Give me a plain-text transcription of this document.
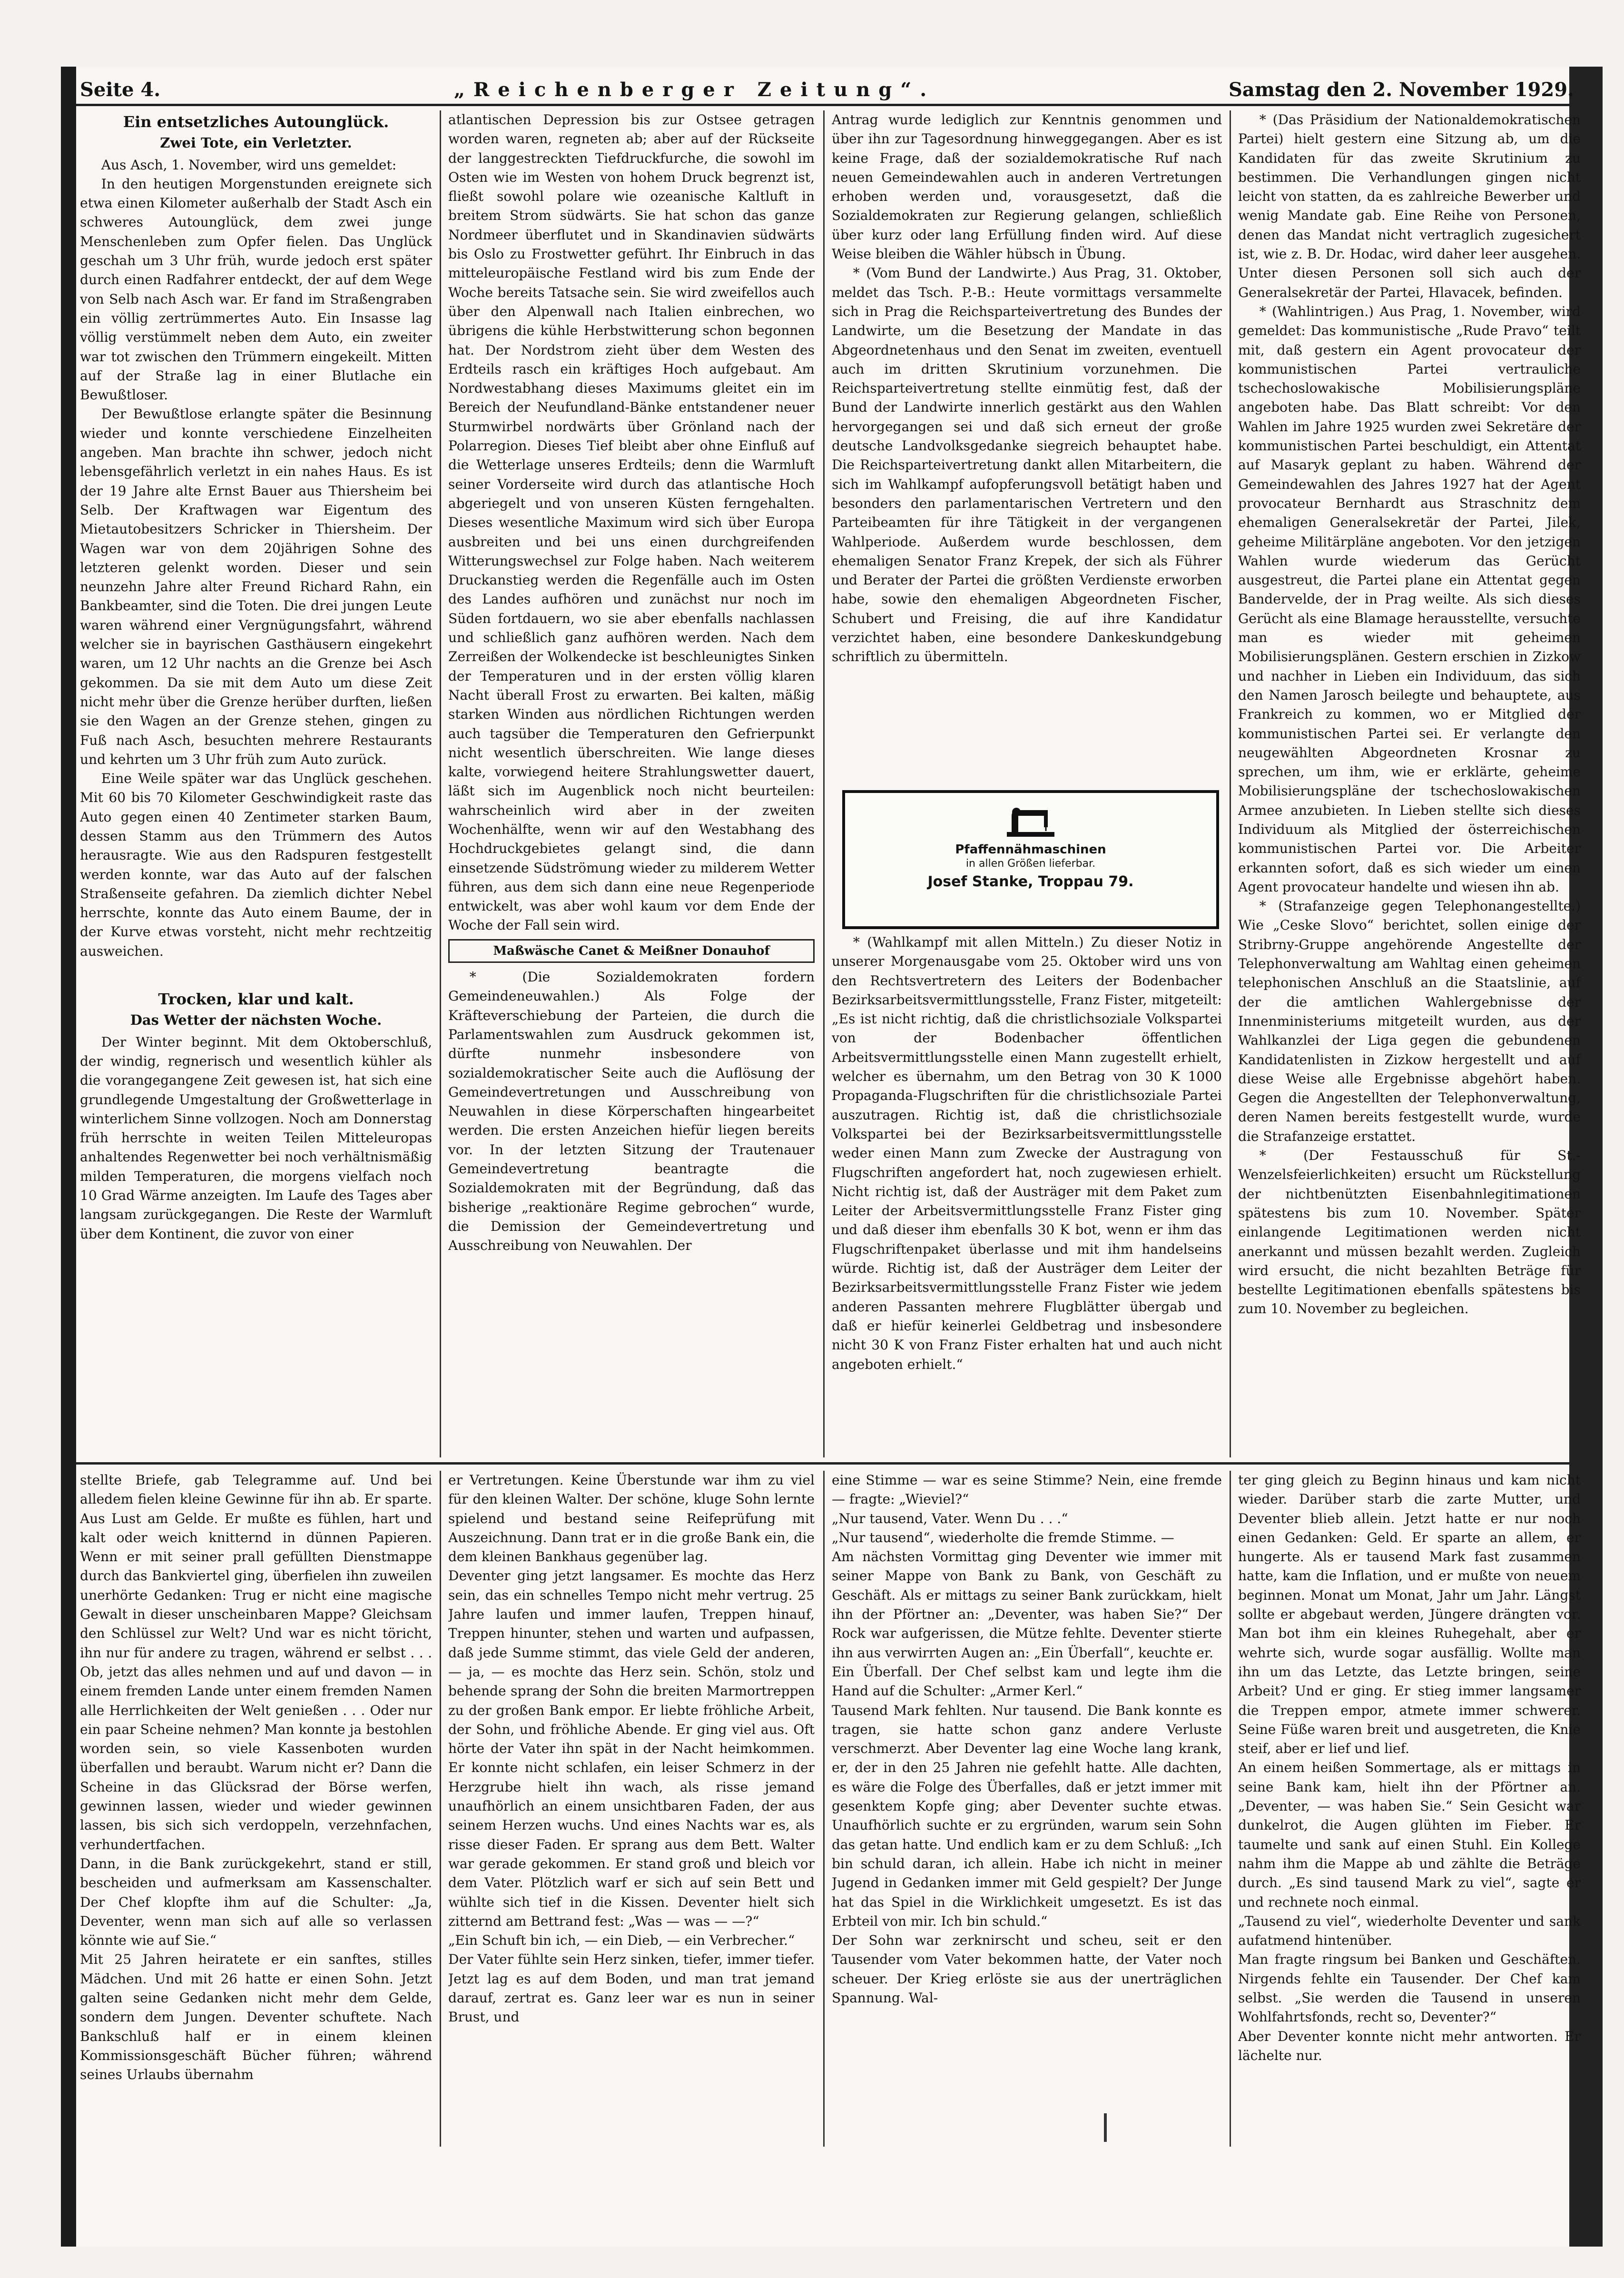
Seite 4.	„Reichenberger Zeitung“.	Samstag den 2. November 1929.
Ein entsetzliches Autounglück.
Zwei Tote, ein Verletzter.

Aus Asch, 1. November, wird uns gemeldet:

In den heutigen Morgenstunden ereignete sich etwa einen Kilometer außerhalb der Stadt Asch ein schweres Autounglück, dem zwei junge Menschenleben zum Opfer fielen. Das Unglück geschah um 3 Uhr früh, wurde jedoch erst später durch einen Radfahrer entdeckt, der auf dem Wege von Selb nach Asch war. Er fand im Straßengraben ein völlig zertrümmertes Auto. Ein Insasse lag völlig verstümmelt neben dem Auto, ein zweiter war tot zwischen den Trümmern eingekeilt. Mitten auf der Straße lag in einer Blutlache ein Bewußtloser.

Der Bewußtlose erlangte später die Besinnung wieder und konnte verschiedene Einzelheiten angeben. Man brachte ihn schwer, jedoch nicht lebensgefährlich verletzt in ein nahes Haus. Es ist der 19 Jahre alte Ernst Bauer aus Thiersheim bei Selb. Der Kraftwagen war Eigentum des Mietautobesitzers Schricker in Thiersheim. Der Wagen war von dem 20jährigen Sohne des letzteren gelenkt worden. Dieser und sein neunzehn Jahre alter Freund Richard Rahn, ein Bankbeamter, sind die Toten. Die drei jungen Leute waren während einer Vergnügungsfahrt, während welcher sie in bayrischen Gasthäusern eingekehrt waren, um 12 Uhr nachts an die Grenze bei Asch gekommen. Da sie mit dem Auto um diese Zeit nicht mehr über die Grenze herüber durften, ließen sie den Wagen an der Grenze stehen, gingen zu Fuß nach Asch, besuchten mehrere Restaurants und kehrten um 3 Uhr früh zum Auto zurück.

Eine Weile später war das Unglück geschehen. Mit 60 bis 70 Kilometer Geschwindigkeit raste das Auto gegen einen 40 Zentimeter starken Baum, dessen Stamm aus den Trümmern des Autos herausragte. Wie aus den Radspuren festgestellt werden konnte, war das Auto auf der falschen Straßenseite gefahren. Da ziemlich dichter Nebel herrschte, konnte das Auto einem Baume, der in der Kurve etwas vorsteht, nicht mehr rechtzeitig ausweichen.

Trocken, klar und kalt.
Das Wetter der nächsten Woche.

Der Winter beginnt. Mit dem Oktoberschluß, der windig, regnerisch und wesentlich kühler als die vorangegangene Zeit gewesen ist, hat sich eine grundlegende Umgestaltung der Großwetterlage in winterlichem Sinne vollzogen. Noch am Donnerstag früh herrschte in weiten Teilen Mitteleuropas anhaltendes Regenwetter bei noch verhältnismäßig milden Temperaturen, die morgens vielfach noch 10 Grad Wärme anzeigten. Im Laufe des Tages aber langsam zurückgegangen. Die Reste der Warmluft über dem Kontinent, die zuvor von einer

atlantischen Depression bis zur Ostsee getragen worden waren, regneten ab; aber auf der Rückseite der langgestreckten Tiefdruckfurche, die sowohl im Osten wie im Westen von hohem Druck begrenzt ist, fließt sowohl polare wie ozeanische Kaltluft in breitem Strom südwärts. Sie hat schon das ganze Nordmeer überflutet und in Skandinavien südwärts bis Oslo zu Frostwetter geführt. Ihr Einbruch in das mitteleuropäische Festland wird bis zum Ende der Woche bereits Tatsache sein. Sie wird zweifellos auch über den Alpenwall nach Italien einbrechen, wo übrigens die kühle Herbstwitterung schon begonnen hat. Der Nordstrom zieht über dem Westen des Erdteils rasch ein kräftiges Hoch aufgebaut. Am Nordwestabhang dieses Maximums gleitet ein im Bereich der Neufundland-Bänke entstandener neuer Sturmwirbel nordwärts über Grönland nach der Polarregion. Dieses Tief bleibt aber ohne Einfluß auf die Wetterlage unseres Erdteils; denn die Warmluft seiner Vorderseite wird durch das atlantische Hoch abgeriegelt und von unseren Küsten ferngehalten. Dieses wesentliche Maximum wird sich über Europa ausbreiten und bei uns einen durchgreifenden Witterungswechsel zur Folge haben. Nach weiterem Druckanstieg werden die Regenfälle auch im Osten des Landes aufhören und zunächst nur noch im Süden fortdauern, wo sie aber ebenfalls nachlassen und schließlich ganz aufhören werden. Nach dem Zerreißen der Wolkendecke ist beschleunigtes Sinken der Temperaturen und in der ersten völlig klaren Nacht überall Frost zu erwarten. Bei kalten, mäßig starken Winden aus nördlichen Richtungen werden auch tagsüber die Temperaturen den Gefrierpunkt nicht wesentlich überschreiten. Wie lange dieses kalte, vorwiegend heitere Strahlungswetter dauert, läßt sich im Augenblick noch nicht beurteilen: wahrscheinlich wird aber in der zweiten Wochenhälfte, wenn wir auf den Westabhang des Hochdruckgebietes gelangt sind, die dann einsetzende Südströmung wieder zu milderem Wetter führen, aus dem sich dann eine neue Regenperiode entwickelt, was aber wohl kaum vor dem Ende der Woche der Fall sein wird.

Maßwäsche Canet & Meißner Donauhof

* (Die Sozialdemokraten fordern Gemeindeneuwahlen.) Als Folge der Kräfteverschiebung der Parteien, die durch die Parlamentswahlen zum Ausdruck gekommen ist, dürfte nunmehr insbesondere von sozialdemokratischer Seite auch die Auflösung der Gemeindevertretungen und Ausschreibung von Neuwahlen in diese Körperschaften hingearbeitet werden. Die ersten Anzeichen hiefür liegen bereits vor. In der letzten Sitzung der Trautenauer Gemeindevertretung beantragte die Sozialdemokraten mit der Begründung, daß das bisherige „reaktionäre Regime gebrochen“ wurde, die Demission der Gemeindevertretung und Ausschreibung von Neuwahlen. Der

Antrag wurde lediglich zur Kenntnis genommen und über ihn zur Tagesordnung hinweggegangen. Aber es ist keine Frage, daß der sozialdemokratische Ruf nach neuen Gemeindewahlen auch in anderen Vertretungen erhoben werden und, vorausgesetzt, daß die Sozialdemokraten zur Regierung gelangen, schließlich über kurz oder lang Erfüllung finden wird. Auf diese Weise bleiben die Wähler hübsch in Übung.

* (Vom Bund der Landwirte.) Aus Prag, 31. Oktober, meldet das Tsch. P.-B.: Heute vormittags versammelte sich in Prag die Reichsparteivertretung des Bundes der Landwirte, um die Besetzung der Mandate in das Abgeordnetenhaus und den Senat im zweiten, eventuell auch im dritten Skrutinium vorzunehmen. Die Reichsparteivertretung stellte einmütig fest, daß der Bund der Landwirte innerlich gestärkt aus den Wahlen hervorgegangen sei und daß sich erneut der große deutsche Landvolksgedanke siegreich behauptet habe. Die Reichsparteivertretung dankt allen Mitarbeitern, die sich im Wahlkampf aufopferungsvoll betätigt haben und besonders den parlamentarischen Vertretern und den Parteibeamten für ihre Tätigkeit in der vergangenen Wahlperiode. Außerdem wurde beschlossen, dem ehemaligen Senator Franz Krepek, der sich als Führer und Berater der Partei die größten Verdienste erworben habe, sowie den ehemaligen Abgeordneten Fischer, Schubert und Freising, die auf ihre Kandidatur verzichtet haben, eine besondere Dankeskundgebung schriftlich zu übermitteln.

Pfaffennähmaschinen
in allen Größen lieferbar.
Josef Stanke, Troppau 79.

* (Wahlkampf mit allen Mitteln.) Zu dieser Notiz in unserer Morgenausgabe vom 25. Oktober wird uns von den Rechtsvertretern des Leiters der Bodenbacher Bezirksarbeitsvermittlungsstelle, Franz Fister, mitgeteilt: „Es ist nicht richtig, daß die christlichsoziale Volkspartei von der Bodenbacher öffentlichen Arbeitsvermittlungsstelle einen Mann zugestellt erhielt, welcher es übernahm, um den Betrag von 30 K 1000 Propaganda-Flugschriften für die christlichsoziale Partei auszutragen. Richtig ist, daß die christlichsoziale Volkspartei bei der Bezirksarbeitsvermittlungsstelle weder einen Mann zum Zwecke der Austragung von Flugschriften angefordert hat, noch zugewiesen erhielt. Nicht richtig ist, daß der Austräger mit dem Paket zum Leiter der Arbeitsvermittlungsstelle Franz Fister ging und daß dieser ihm ebenfalls 30 K bot, wenn er ihm das Flugschriftenpaket überlasse und mit ihm handelseins würde. Richtig ist, daß der Austräger dem Leiter der Bezirksarbeitsvermittlungsstelle Franz Fister wie jedem anderen Passanten mehrere Flugblätter übergab und daß er hiefür keinerlei Geldbetrag und insbesondere nicht 30 K von Franz Fister erhalten hat und auch nicht angeboten erhielt.“

* (Das Präsidium der Nationaldemokratischen Partei) hielt gestern eine Sitzung ab, um die Kandidaten für das zweite Skrutinium zu bestimmen. Die Verhandlungen gingen nicht leicht von statten, da es zahlreiche Bewerber und wenig Mandate gab. Eine Reihe von Personen, denen das Mandat nicht vertraglich zugesichert ist, wie z. B. Dr. Hodac, wird daher leer ausgehen. Unter diesen Personen soll sich auch der Generalsekretär der Partei, Hlavacek, befinden.

* (Wahlintrigen.) Aus Prag, 1. November, wird gemeldet: Das kommunistische „Rude Pravo“ teilt mit, daß gestern ein Agent provocateur der kommunistischen Partei vertrauliche tschechoslowakische Mobilisierungspläne angeboten habe. Das Blatt schreibt: Vor den Wahlen im Jahre 1925 wurden zwei Sekretäre der kommunistischen Partei beschuldigt, ein Attentat auf Masaryk geplant zu haben. Während der Gemeindewahlen des Jahres 1927 hat der Agent provocateur Bernhardt aus Straschnitz dem ehemaligen Generalsekretär der Partei, Jilek, geheime Militärpläne angeboten. Vor den jetzigen Wahlen wurde wiederum das Gerücht ausgestreut, die Partei plane ein Attentat gegen Bandervelde, der in Prag weilte. Als sich dieses Gerücht als eine Blamage herausstellte, versuchte man es wieder mit geheimen Mobilisierungsplänen. Gestern erschien in Zizkow und nachher in Lieben ein Individuum, das sich den Namen Jarosch beilegte und behauptete, aus Frankreich zu kommen, wo er Mitglied der kommunistischen Partei sei. Er verlangte den neugewählten Abgeordneten Krosnar zu sprechen, um ihm, wie er erklärte, geheime Mobilisierungspläne der tschechoslowakischen Armee anzubieten. In Lieben stellte sich dieses Individuum als Mitglied der österreichischen kommunistischen Partei vor. Die Arbeiter erkannten sofort, daß es sich wieder um einen Agent provocateur handelte und wiesen ihn ab.

* (Strafanzeige gegen Telephonangestellte.) Wie „Ceske Slovo“ berichtet, sollen einige der Stribrny-Gruppe angehörende Angestellte der Telephonverwaltung am Wahltag einen geheimen telephonischen Anschluß an die Staatslinie, auf der die amtlichen Wahlergebnisse der Innenministeriums mitgeteilt wurden, aus der Wahlkanzlei der Liga gegen die gebundenen Kandidatenlisten in Zizkow hergestellt und auf diese Weise alle Ergebnisse abgehört haben. Gegen die Angestellten der Telephonverwaltung, deren Namen bereits festgestellt wurde, wurde die Strafanzeige erstattet.

* (Der Festausschuß für St.-Wenzelsfeierlichkeiten) ersucht um Rückstellung der nichtbenützten Eisenbahnlegitimationen spätestens bis zum 10. November. Später einlangende Legitimationen werden nicht anerkannt und müssen bezahlt werden. Zugleich wird ersucht, die nicht bezahlten Beträge für bestellte Legitimationen ebenfalls spätestens bis zum 10. November zu begleichen.

stellte Briefe, gab Telegramme auf. Und bei alledem fielen kleine Gewinne für ihn ab. Er sparte. Aus Lust am Gelde. Er mußte es fühlen, hart und kalt oder weich knitternd in dünnen Papieren. Wenn er mit seiner prall gefüllten Dienstmappe durch das Bankviertel ging, überfielen ihn zuweilen unerhörte Gedanken: Trug er nicht eine magische Gewalt in dieser unscheinbaren Mappe? Gleichsam den Schlüssel zur Welt? Und war es nicht töricht, ihn nur für andere zu tragen, während er selbst . . . Ob, jetzt das alles nehmen und auf und davon — in einem fremden Lande unter einem fremden Namen alle Herrlichkeiten der Welt genießen . . . Oder nur ein paar Scheine nehmen? Man konnte ja bestohlen worden sein, so viele Kassenboten wurden überfallen und beraubt. Warum nicht er? Dann die Scheine in das Glücksrad der Börse werfen, gewinnen lassen, wieder und wieder gewinnen lassen, bis sich sich verdoppeln, verzehnfachen, verhundertfachen.
Dann, in die Bank zurückgekehrt, stand er still, bescheiden und aufmerksam am Kassenschalter. Der Chef klopfte ihm auf die Schulter: „Ja, Deventer, wenn man sich auf alle so verlassen könnte wie auf Sie.“
Mit 25 Jahren heiratete er ein sanftes, stilles Mädchen. Und mit 26 hatte er einen Sohn. Jetzt galten seine Gedanken nicht mehr dem Gelde, sondern dem Jungen. Deventer schuftete. Nach Bankschluß half er in einem kleinen Kommissionsgeschäft Bücher führen; während seines Urlaubs übernahm
er Vertretungen. Keine Überstunde war ihm zu viel für den kleinen Walter. Der schöne, kluge Sohn lernte spielend und bestand seine Reifeprüfung mit Auszeichnung. Dann trat er in die große Bank ein, die dem kleinen Bankhaus gegenüber lag.
Deventer ging jetzt langsamer. Es mochte das Herz sein, das ein schnelles Tempo nicht mehr vertrug. 25 Jahre laufen und immer laufen, Treppen hinauf, Treppen hinunter, stehen und warten und aufpassen, daß jede Summe stimmt, das viele Geld der anderen, — ja, — es mochte das Herz sein. Schön, stolz und behende sprang der Sohn die breiten Marmortreppen zu der großen Bank empor. Er liebte fröhliche Arbeit, der Sohn, und fröhliche Abende. Er ging viel aus. Oft hörte der Vater ihn spät in der Nacht heimkommen. Er konnte nicht schlafen, ein leiser Schmerz in der Herzgrube hielt ihn wach, als risse jemand unaufhörlich an einem unsichtbaren Faden, der aus seinem Herzen wuchs. Und eines Nachts war es, als risse dieser Faden. Er sprang aus dem Bett. Walter war gerade gekommen. Er stand groß und bleich vor dem Vater. Plötzlich warf er sich auf sein Bett und wühlte sich tief in die Kissen. Deventer hielt sich zitternd am Bettrand fest: „Was — was — —?“
„Ein Schuft bin ich, — ein Dieb, — ein Verbrecher.“
Der Vater fühlte sein Herz sinken, tiefer, immer tiefer. Jetzt lag es auf dem Boden, und man trat jemand darauf, zertrat es. Ganz leer war es nun in seiner Brust, und
eine Stimme — war es seine Stimme? Nein, eine fremde — fragte: „Wieviel?“
„Nur tausend, Vater. Wenn Du . . .“
„Nur tausend“, wiederholte die fremde Stimme. —
Am nächsten Vormittag ging Deventer wie immer mit seiner Mappe von Bank zu Bank, von Geschäft zu Geschäft. Als er mittags zu seiner Bank zurückkam, hielt ihn der Pförtner an: „Deventer, was haben Sie?“ Der Rock war aufgerissen, die Mütze fehlte. Deventer stierte ihn aus verwirrten Augen an: „Ein Überfall“, keuchte er.
Ein Überfall. Der Chef selbst kam und legte ihm die Hand auf die Schulter: „Armer Kerl.“
Tausend Mark fehlten. Nur tausend. Die Bank konnte es tragen, sie hatte schon ganz andere Verluste verschmerzt. Aber Deventer lag eine Woche lang krank, er, der in den 25 Jahren nie gefehlt hatte. Alle dachten, es wäre die Folge des Überfalles, daß er jetzt immer mit gesenktem Kopfe ging; aber Deventer suchte etwas. Unaufhörlich suchte er zu ergründen, warum sein Sohn das getan hatte. Und endlich kam er zu dem Schluß: „Ich bin schuld daran, ich allein. Habe ich nicht in meiner Jugend in Gedanken immer mit Geld gespielt? Der Junge hat das Spiel in die Wirklichkeit umgesetzt. Es ist das Erbteil von mir. Ich bin schuld.“
Der Sohn war zerknirscht und scheu, seit er den Tausender vom Vater bekommen hatte, der Vater noch scheuer. Der Krieg erlöste sie aus der unerträglichen Spannung. Wal-
ter ging gleich zu Beginn hinaus und kam nicht wieder. Darüber starb die zarte Mutter, und Deventer blieb allein. Jetzt hatte er nur noch einen Gedanken: Geld. Er sparte an allem, er hungerte. Als er tausend Mark fast zusammen hatte, kam die Inflation, und er mußte von neuem beginnen. Monat um Monat, Jahr um Jahr. Längst sollte er abgebaut werden, Jüngere drängten vor. Man bot ihm ein kleines Ruhegehalt, aber er wehrte sich, wurde sogar ausfällig. Wollte man ihn um das Letzte, das Letzte bringen, seine Arbeit? Und er ging. Er stieg immer langsamer die Treppen empor, atmete immer schwerer. Seine Füße waren breit und ausgetreten, die Knie steif, aber er lief und lief.
An einem heißen Sommertage, als er mittags in seine Bank kam, hielt ihn der Pförtner an. „Deventer, — was haben Sie.“ Sein Gesicht war dunkelrot, die Augen glühten im Fieber. Er taumelte und sank auf einen Stuhl. Ein Kollege nahm ihm die Mappe ab und zählte die Beträge durch. „Es sind tausend Mark zu viel“, sagte er und rechnete noch einmal.
„Tausend zu viel“, wiederholte Deventer und sank aufatmend hintenüber.
Man fragte ringsum bei Banken und Geschäften. Nirgends fehlte ein Tausender. Der Chef kam selbst. „Sie werden die Tausend in unseren Wohlfahrtsfonds, recht so, Deventer?“
Aber Deventer konnte nicht mehr antworten. Er lächelte nur.
